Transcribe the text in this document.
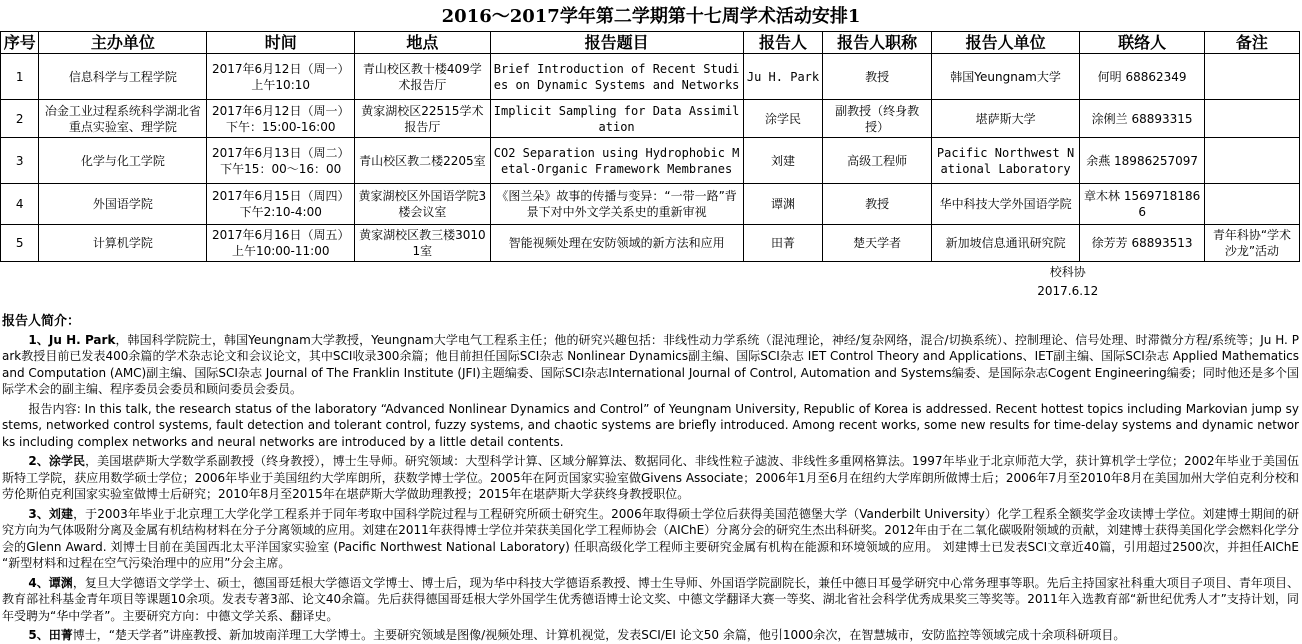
2016～2017学年第二学期第十七周学术活动安排1
序号	主办单位	时间	地点	报告题目	报告人	报告人职称	报告人单位	联络人	备注
1	信息科学与工程学院	2017年6月12日（周一）上午10:10	青山校区教十楼409学术报告厅	Brief Introduction of Recent Studies on Dynamic Systems and Networks	Ju H. Park	教授	韩国Yeungnam大学	何明 68862349	
2	冶金工业过程系统科学湖北省重点实验室、理学院	2017年6月12日（周一）下午：15:00-16:00	黄家湖校区22515学术报告厅	Implicit Sampling for Data Assimilation	涂学民	副教授（终身教授）	堪萨斯大学	涂俐兰 68893315	
3	化学与化工学院	2017年6月13日（周二）下午15：00～16：00	青山校区教二楼2205室	CO2 Separation using Hydrophobic Metal-Organic Framework Membranes	刘建	高级工程师	Pacific Northwest National Laboratory	余燕 18986257097	
4	外国语学院	2017年6月15日（周四）下午2:10-4:00	黄家湖校区外国语学院3楼会议室	《图兰朵》故事的传播与变异：“一带一路”背景下对中外文学关系史的重新审视	谭渊	教授	华中科技大学外国语学院	章木林 15697181866	
5	计算机学院	2017年6月16日（周五）上午10:00-11:00	黄家湖校区教三楼30101室	智能视频处理在安防领域的新方法和应用	田菁	楚天学者	新加坡信息通讯研究院	徐芳芳 68893513	青年科协“学术沙龙”活动
							校科协		
							2017.6.12		
报告人简介：

1、Ju H. Park，韩国科学院院士，韩国Yeungnam大学教授，Yeungnam大学电气工程系主任；他的研究兴趣包括：非线性动力学系统（混沌理论，神经/复杂网络，混合/切换系统）、控制理论、信号处理、时滞微分方程/系统等；Ju H. Park教授目前已发表400余篇的学术杂志论文和会议论文，其中SCI收录300余篇；他目前担任国际SCI杂志 Nonlinear Dynamics副主编、国际SCI杂志 IET Control Theory and Applications、IET副主编、国际SCI杂志 Applied Mathematics and Computation (AMC)副主编、国际SCI杂志 Journal of The Franklin Institute (JFI)主题编委、国际SCI杂志International Journal of Control, Automation and Systems编委、是国际杂志Cogent Engineering编委；同时他还是多个国际学术会的副主编、程序委员会委员和顾问委员会委员。

报告内容: In this talk, the research status of the laboratory “Advanced Nonlinear Dynamics and Control” of Yeungnam University, Republic of Korea is addressed. Recent hottest topics including Markovian jump systems, networked control systems, fault detection and tolerant control, fuzzy systems, and chaotic systems are briefly introduced. Among recent works, some new results for time-delay systems and dynamic networks including complex networks and neural networks are introduced by a little detail contents.

2、涂学民，美国堪萨斯大学数学系副教授（终身教授），博士生导师。研究领域：大型科学计算、区域分解算法、数据同化、非线性粒子滤波、非线性多重网格算法。1997年毕业于北京师范大学，获计算机学士学位；2002年毕业于美国伍斯特工学院，获应用数学硕士学位；2006年毕业于美国纽约大学库朗所，获数学博士学位。2005年在阿贡国家实验室做Givens Associate；2006年1月至6月在纽约大学库朗所做博士后；2006年7月至2010年8月在美国加州大学伯克利分校和劳伦斯伯克利国家实验室做博士后研究；2010年8月至2015年在堪萨斯大学做助理教授；2015年在堪萨斯大学获终身教授职位。

3、刘建，于2003年毕业于北京理工大学化学工程系并于同年考取中国科学院过程与工程研究所硕士研究生。2006年取得硕士学位后获得美国范德堡大学（Vanderbilt University）化学工程系全额奖学金攻读博士学位。刘建博士期间的研究方向为气体吸附分离及金属有机结构材料在分子分离领域的应用。刘建在2011年获得博士学位并荣获美国化学工程师协会（AIChE）分离分会的研究生杰出科研奖。2012年由于在二氧化碳吸附领域的贡献，刘建博士获得美国化学会燃料化学分会的Glenn Award. 刘博士目前在美国西北太平洋国家实验室 (Pacific Northwest National Laboratory) 任职高级化学工程师主要研究金属有机构在能源和环境领域的应用。 刘建博士已发表SCI文章近40篇，引用超过2500次，并担任AIChE “新型材料和过程在空气污染治理中的应用”分会主席。

4、谭渊，复旦大学德语文学学士、硕士，德国哥廷根大学德语文学博士、博士后，现为华中科技大学德语系教授、博士生导师、外国语学院副院长，兼任中德日耳曼学研究中心常务理事等职。先后主持国家社科重大项目子项目、青年项目、教育部社科基金青年项目等课题10余项。发表专著3部、论文40余篇。先后获得德国哥廷根大学外国学生优秀德语博士论文奖、中德文学翻译大赛一等奖、湖北省社会科学优秀成果奖三等奖等。2011年入选教育部“新世纪优秀人才”支持计划，同年受聘为“华中学者”。主要研究方向：中德文学关系、翻译史。

5、田菁博士，“楚天学者”讲座教授、新加坡南洋理工大学博士。主要研究领域是图像/视频处理、计算机视觉，发表SCI/EI 论文50 余篇，他引1000余次，在智慧城市，安防监控等领域完成十余项科研项目。
